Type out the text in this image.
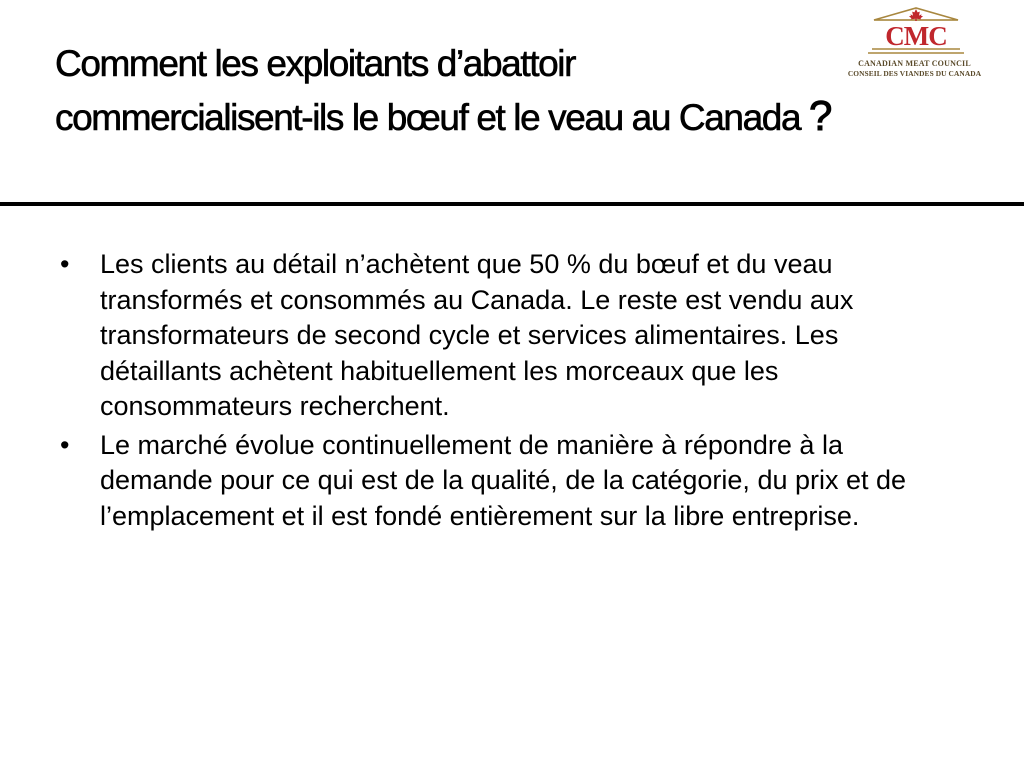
Comment les exploitants d’abattoir commercialisent-ils le bœuf et le veau au Canada ?
CMC
CANADIAN MEAT COUNCIL
CONSEIL DES VIANDES DU CANADA
• Les clients au détail n’achètent que 50 % du bœuf et du veau transformés et consommés au Canada. Le reste est vendu aux transformateurs de second cycle et services alimentaires. Les détaillants achètent habituellement les morceaux que les consommateurs recherchent.
• Le marché évolue continuellement de manière à répondre à la demande pour ce qui est de la qualité, de la catégorie, du prix et de l’emplacement et il est fondé entièrement sur la libre entreprise.
